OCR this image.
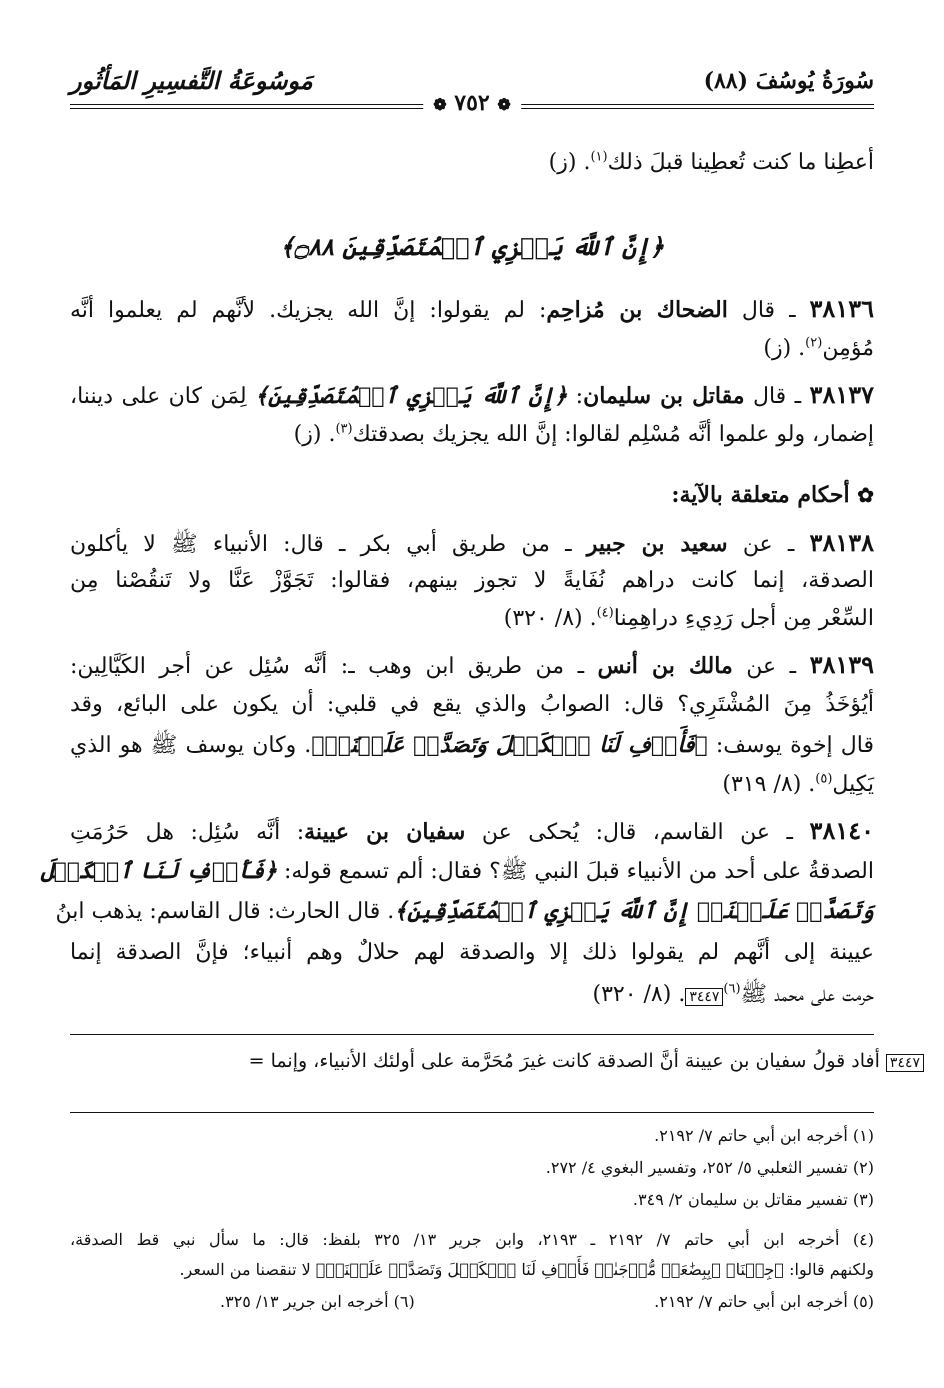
سُورَةُ يُوسُفَ (٨٨)
❁ ٧٥٢ ❁
مَوسُوعَةُ التَّفسِيرِ المَأثُور
أعطِنا ما كنت تُعطِينا قبلَ ذلك$^{(١)}$. (ز)
﴿إِنَّ ٱللَّهَ يَجۡزِي ٱلۡمُتَصَدِّقِينَ ۝٨٨﴾
٣٨١٣٦ ـ قال الضحاك بن مُزاحِم: لم يقولوا: إنَّ الله يجزيك. لأنَّهم لم يعلموا أنَّه
مُؤمِن$^{(٢)}$. (ز)
٣٨١٣٧ ـ قال مقاتل بن سليمان: ﴿إِنَّ ٱللَّهَ يَجۡزِي ٱلۡمُتَصَدِّقِينَ﴾ لِمَن كان على ديننا،
إضمار، ولو علموا أنَّه مُسْلِم لقالوا: إنَّ الله يجزيك بصدقتك$^{(٣)}$. (ز)
✿ أحكام متعلقة بالآية:
٣٨١٣٨ ـ عن سعيد بن جبير ـ من طريق أبي بكر ـ قال: الأنبياء ﷺ لا يأكلون
الصدقة، إنما كانت دراهم نُفَايةً لا تجوز بينهم، فقالوا: تَجَوَّزْ عَنَّا ولا تَنقُصْنا مِن
السِّعْر مِن أجل رَدِيءِ دراهِمِنا$^{(٤)}$. (٨/ ٣٢٠)
٣٨١٣٩ ـ عن مالك بن أنس ـ من طريق ابن وهب ـ: أنَّه سُئِل عن أجر الكَيَّالِين:
أيُؤخَذُ مِنَ المُشْتَرِي؟ قال: الصوابُ والذي يقع في قلبي: أن يكون على البائع، وقد
قال إخوة يوسف: ﴿فَأَوۡفِ لَنَا ٱلۡكَيۡلَ وَتَصَدَّقۡ عَلَيۡنَآۖ﴾. وكان يوسف ﷺ هو الذي
يَكِيل$^{(٥)}$. (٨/ ٣١٩)
٣٨١٤٠ ـ عن القاسم، قال: يُحكى عن سفيان بن عيينة: أنَّه سُئِل: هل حَرُمَتِ
الصدقةُ على أحد من الأنبياء قبلَ النبي ﷺ؟ فقال: ألم تسمع قوله: ﴿فَأَوۡفِ لَنَا ٱلۡكَيۡلَ
وَتَصَدَّقۡ عَلَيۡنَآۖ إِنَّ ٱللَّهَ يَجۡزِي ٱلۡمُتَصَدِّقِينَ﴾. قال الحارث: قال القاسم: يذهب ابنُ
عيينة إلى أنَّهم لم يقولوا ذلك إلا والصدقة لهم حلالٌ وهم أنبياء؛ فإنَّ الصدقة إنما
حرمت على محمد ﷺ$^{(٦)}$٣٤٤٧. (٨/ ٣٢٠)
٣٤٤٧ أفاد قولُ سفيان بن عيينة أنَّ الصدقة كانت غيرَ مُحَرَّمة على أولئك الأنبياء، وإنما =
(١) أخرجه ابن أبي حاتم ٧/ ٢١٩٢.
(٢) تفسير الثعلبي ٥/ ٢٥٢، وتفسير البغوي ٤/ ٢٧٢.
(٣) تفسير مقاتل بن سليمان ٢/ ٣٤٩.
(٤) أخرجه ابن أبي حاتم ٧/ ٢١٩٢ ـ ٢١٩٣، وابن جرير ١٣/ ٣٢٥ بلفظ: قال: ما سأل نبي قط الصدقة،
ولكنهم قالوا: ﴿جِئۡنَا﴾ ﴿بِبِضَٰعَةٖ مُّزۡجَىٰةٖ فَأَوۡفِ لَنَا ٱلۡكَيۡلَ وَتَصَدَّقۡ عَلَيۡنَآۖ﴾ لا تنقصنا من السعر.
(٥) أخرجه ابن أبي حاتم ٧/ ٢١٩٢.
(٦) أخرجه ابن جرير ١٣/ ٣٢٥.
